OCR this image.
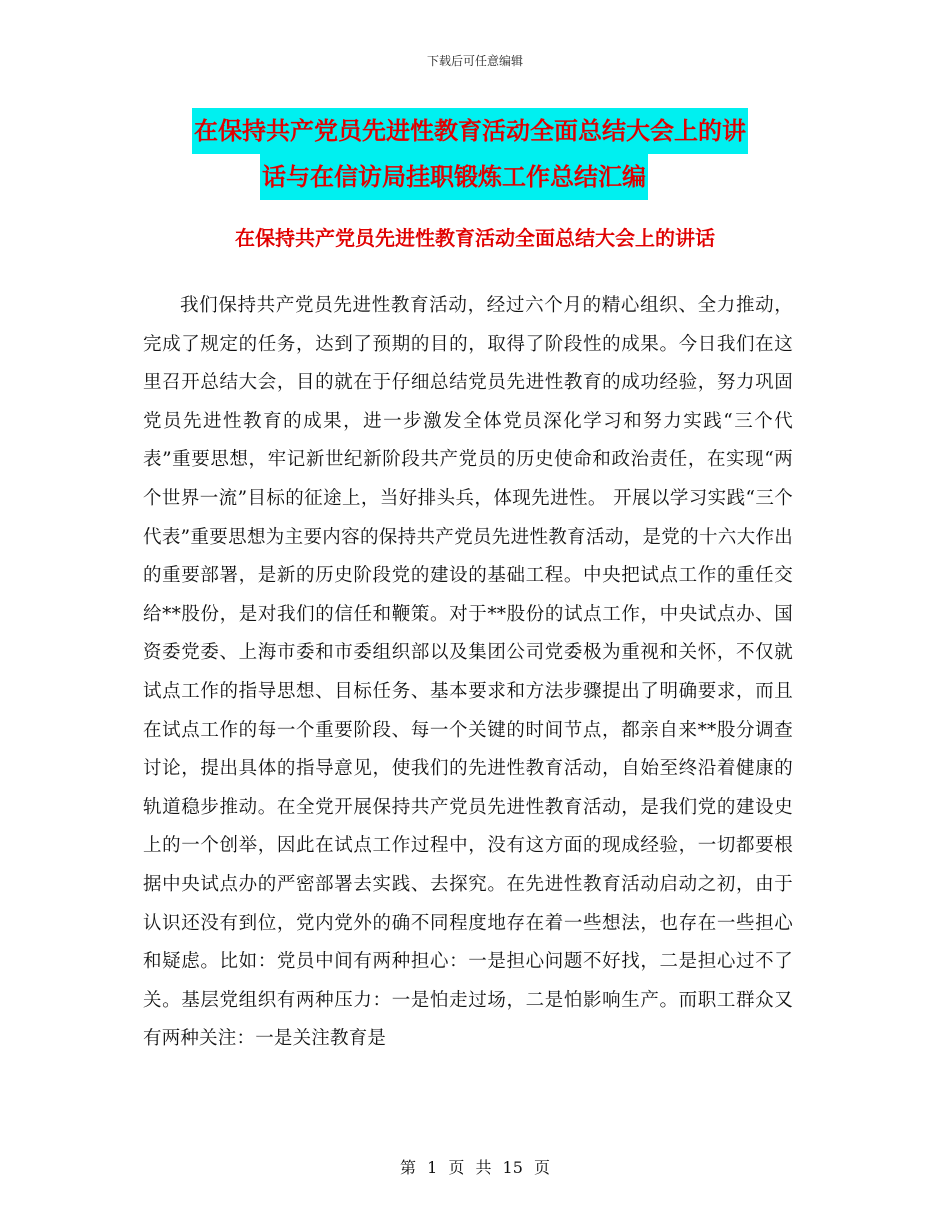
下载后可任意编辑
在保持共产党员先进性教育活动全面总结大会上的讲
话与在信访局挂职锻炼工作总结汇编
在保持共产党员先进性教育活动全面总结大会上的讲话
我们保持共产党员先进性教育活动，经过六个月的精心组织、全力推动，完成了规定的任务，达到了预期的目的，取得了阶段性的成果。今日我们在这里召开总结大会，目的就在于仔细总结党员先进性教育的成功经验，努力巩固党员先进性教育的成果，进一步激发全体党员深化学习和努力实践“三个代表”重要思想，牢记新世纪新阶段共产党员的历史使命和政治责任，在实现“两个世界一流”目标的征途上，当好排头兵，体现先进性。 开展以学习实践“三个代表”重要思想为主要内容的保持共产党员先进性教育活动，是党的十六大作出的重要部署，是新的历史阶段党的建设的基础工程。中央把试点工作的重任交给**股份，是对我们的信任和鞭策。对于**股份的试点工作，中央试点办、国资委党委、上海市委和市委组织部以及集团公司党委极为重视和关怀，不仅就试点工作的指导思想、目标任务、基本要求和方法步骤提出了明确要求，而且在试点工作的每一个重要阶段、每一个关键的时间节点，都亲自来**股分调查讨论，提出具体的指导意见，使我们的先进性教育活动，自始至终沿着健康的轨道稳步推动。在全党开展保持共产党员先进性教育活动，是我们党的建设史上的一个创举，因此在试点工作过程中，没有这方面的现成经验，一切都要根据中央试点办的严密部署去实践、去探究。在先进性教育活动启动之初，由于认识还没有到位，党内党外的确不同程度地存在着一些想法，也存在一些担心和疑虑。比如：党员中间有两种担心：一是担心问题不好找，二是担心过不了关。基层党组织有两种压力：一是怕走过场，二是怕影响生产。而职工群众又有两种关注：一是关注教育是
第 1 页 共 15 页
